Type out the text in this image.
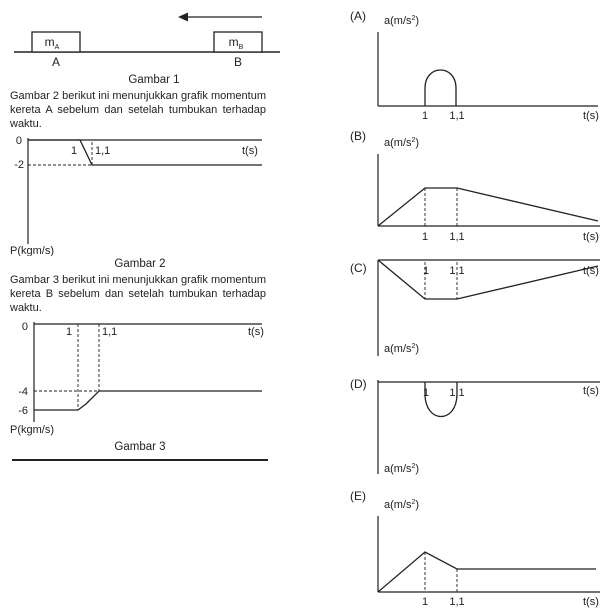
$m_A$	$m_B$
A	B
Gambar 1
Gambar 2 berikut ini menunjukkan grafik momentum kereta A sebelum dan setelah tumbukan terhadap waktu.
0
-2
1 1,1	t(s)
P(kgm/s)
Gambar 2
Gambar 3 berikut ini menunjukkan grafik momentum kereta B sebelum dan setelah tumbukan terhadap waktu.
0
-4
-6
1	1,1	t(s)
P(kgm/s)
Gambar 3
(A) $a(m/s^2)$
1 1,1	t(s)
(B) $a(m/s^2)$
1 1,1	t(s)
(C)	1 1,1	t(s)
$a(m/s^2)$
(D)
1 1,1	t(s)
$a(m/s^2)$
(E)
$a(m/s^2)$
1 1,1	t(s)
